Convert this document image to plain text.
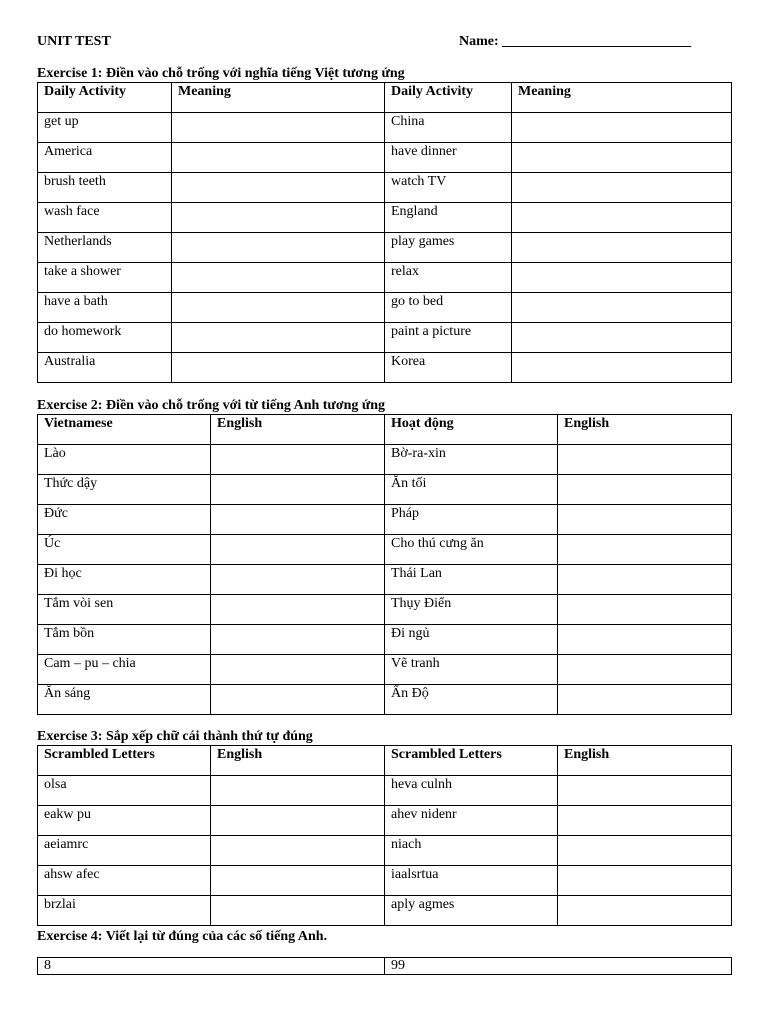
UNIT TEST	Name: ___________________________
Exercise 1: Điền vào chỗ trống với nghĩa tiếng Việt tương ứng
Daily Activity	Meaning	Daily Activity	Meaning
get up		China	
America		have dinner	
brush teeth		watch TV	
wash face		England	
Netherlands		play games	
take a shower		relax	
have a bath		go to bed	
do homework		paint a picture	
Australia		Korea	
Exercise 2: Điền vào chỗ trống với từ tiếng Anh tương ứng
Vietnamese	English	Hoạt động	English
Lào		Bờ-ra-xin	
Thức dậy		Ăn tối	
Đức		Pháp	
Úc		Cho thú cưng ăn	
Đi học		Thái Lan	
Tắm vòi sen		Thụy Điển	
Tắm bồn		Đi ngủ	
Cam – pu – chia		Vẽ tranh	
Ăn sáng		Ấn Độ	
Exercise 3: Sắp xếp chữ cái thành thứ tự đúng
Scrambled Letters	English	Scrambled Letters	English
olsa		heva culnh	
eakw pu		ahev nidenr	
aeiamrc		niach	
ahsw afec		iaalsrtua	
brzlai		aply agmes	
Exercise 4: Viết lại từ đúng của các số tiếng Anh.
8	99
